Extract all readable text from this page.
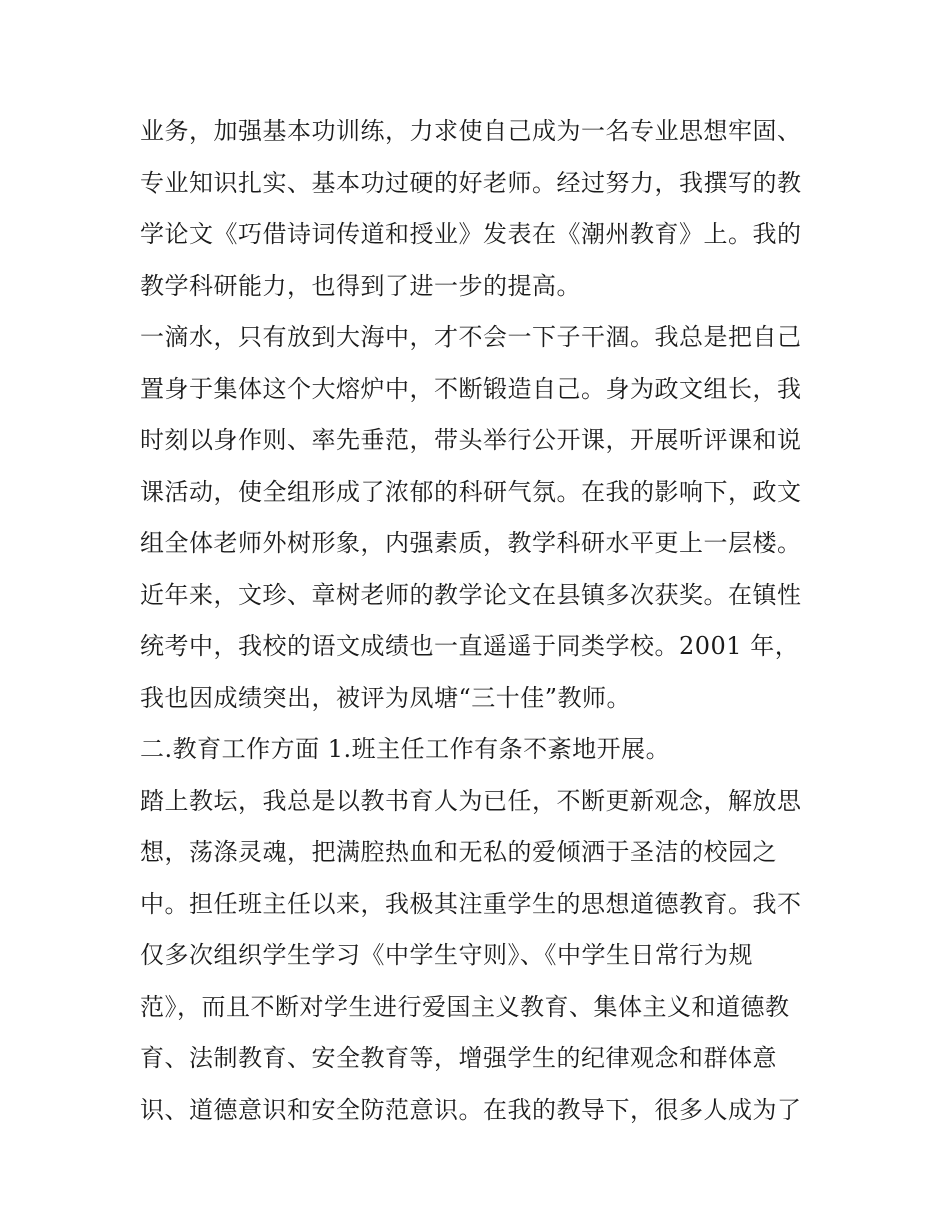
业务，加强基本功训练，力求使自己成为一名专业思想牢固、
专业知识扎实、基本功过硬的好老师。经过努力，我撰写的教
学论文《巧借诗词传道和授业》发表在《潮州教育》上。我的
教学科研能力，也得到了进一步的提高。
一滴水，只有放到大海中，才不会一下子干涸。我总是把自己
置身于集体这个大熔炉中，不断锻造自己。身为政文组长，我
时刻以身作则、率先垂范，带头举行公开课，开展听评课和说
课活动，使全组形成了浓郁的科研气氛。在我的影响下，政文
组全体老师外树形象，内强素质，教学科研水平更上一层楼。
近年来，文珍、章树老师的教学论文在县镇多次获奖。在镇性
统考中，我校的语文成绩也一直遥遥于同类学校。2001 年，
我也因成绩突出，被评为凤塘“三十佳”教师。
二.教育工作方面 1.班主任工作有条不紊地开展。
踏上教坛，我总是以教书育人为已任，不断更新观念，解放思
想，荡涤灵魂，把满腔热血和无私的爱倾洒于圣洁的校园之
中。担任班主任以来，我极其注重学生的思想道德教育。我不
仅多次组织学生学习《中学生守则》、《中学生日常行为规
范》，而且不断对学生进行爱国主义教育、集体主义和道德教
育、法制教育、安全教育等，增强学生的纪律观念和群体意
识、道德意识和安全防范意识。在我的教导下，很多人成为了
